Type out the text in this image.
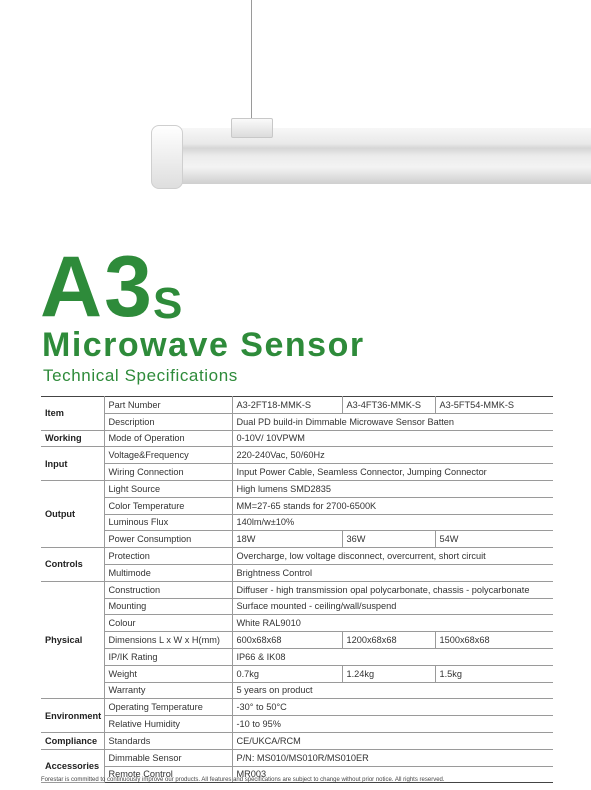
A3 S
Microwave Sensor
Technical Specifications
Item	Part Number	A3-2FT18-MMK-S	A3-4FT36-MMK-S	A3-5FT54-MMK-S
	Description	Dual PD build-in Dimmable Microwave Sensor Batten		
Working	Mode of Operation	0-10V/ 10VPWM		
Input	Voltage&Frequency	220-240Vac, 50/60Hz		
	Wiring Connection	Input Power Cable, Seamless Connector, Jumping Connector		
Output	Light Source	High lumens SMD2835		
	Color Temperature	MM=27-65 stands for 2700-6500K		
	Luminous Flux	140lm/w±10%		
	Power Consumption	18W	36W	54W
Controls	Protection	Overcharge, low voltage disconnect, overcurrent, short circuit		
	Multimode	Brightness Control		
Physical	Construction	Diffuser - high transmission opal polycarbonate, chassis - polycarbonate		
	Mounting	Surface mounted - ceiling/wall/suspend		
	Colour	White RAL9010		
	Dimensions L x W x H(mm)	600x68x68	1200x68x68	1500x68x68
	IP/IK Rating	IP66 & IK08		
	Weight	0.7kg	1.24kg	1.5kg
	Warranty	5 years on product		
Environment	Operating Temperature	-30° to 50°C		
	Relative Humidity	-10 to 95%		
Compliance	Standards	CE/UKCA/RCM		
Accessories	Dimmable Sensor	P/N: MS010/MS010R/MS010ER		
	Remote Control	MR003		
Forestar is committed to continuously improve our products. All features and specifications are subject to change without prior notice. All rights reserved.
